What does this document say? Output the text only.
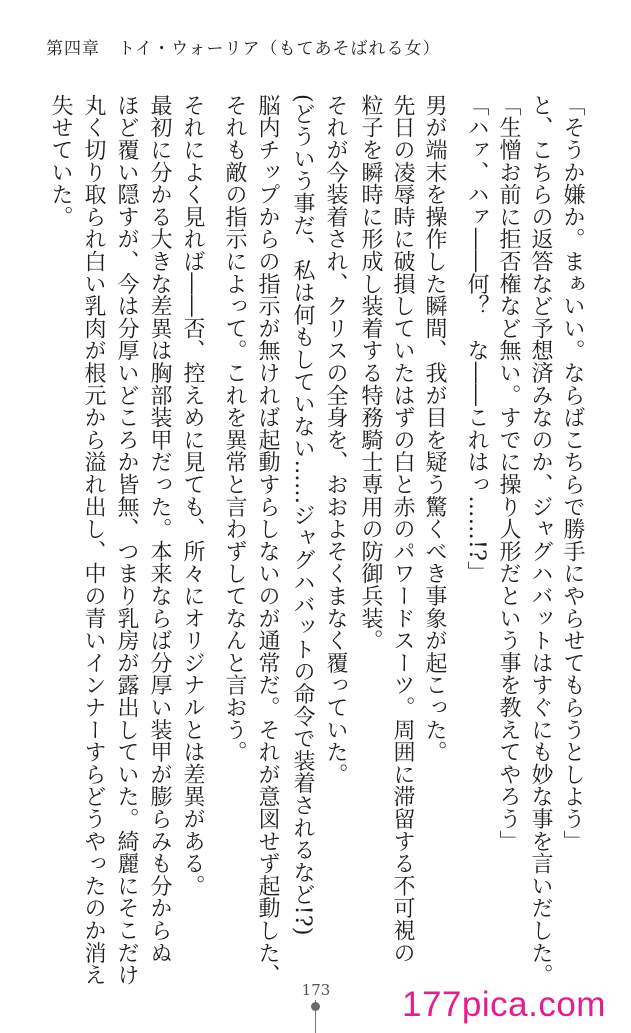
第四章　トイ・ウォーリア（もてあそばれる女）
「そうか嫌か。まぁいい。ならばこちらで勝手にやらせてもらうとしよう」
と、こちらの返答など予想済みなのか、ジャグハバットはすぐにも妙な事を言いだした。
「生憎お前に拒否権など無い。すでに操り人形だという事を教えてやろう」
「ハァ、ハァ――何？　な――これはっ……!?」
男が端末を操作した瞬間、我が目を疑う驚くべき事象が起こった。
先日の凌辱時に破損していたはずの白と赤のパワードスーツ。周囲に滞留する不可視の
粒子を瞬時に形成し装着する特務騎士専用の防御兵装。
それが今装着され、クリスの全身を、おおよそくまなく覆っていた。
(どういう事だ、私は何もしていない……ジャグハバットの命令で装着されるなど!?)
脳内チップからの指示が無ければ起動すらしないのが通常だ。それが意図せず起動した、
それも敵の指示によって。これを異常と言わずしてなんと言おう。
それによく見れば――否、控えめに見ても、所々にオリジナルとは差異がある。
最初に分かる大きな差異は胸部装甲だった。本来ならば分厚い装甲が膨らみも分からぬ
ほど覆い隠すが、今は分厚いどころか皆無、つまり乳房が露出していた。綺麗にそこだけ
丸く切り取られ白い乳肉が根元から溢れ出し、中の青いインナーすらどうやったのか消え
失せていた。
173 177pica.com
